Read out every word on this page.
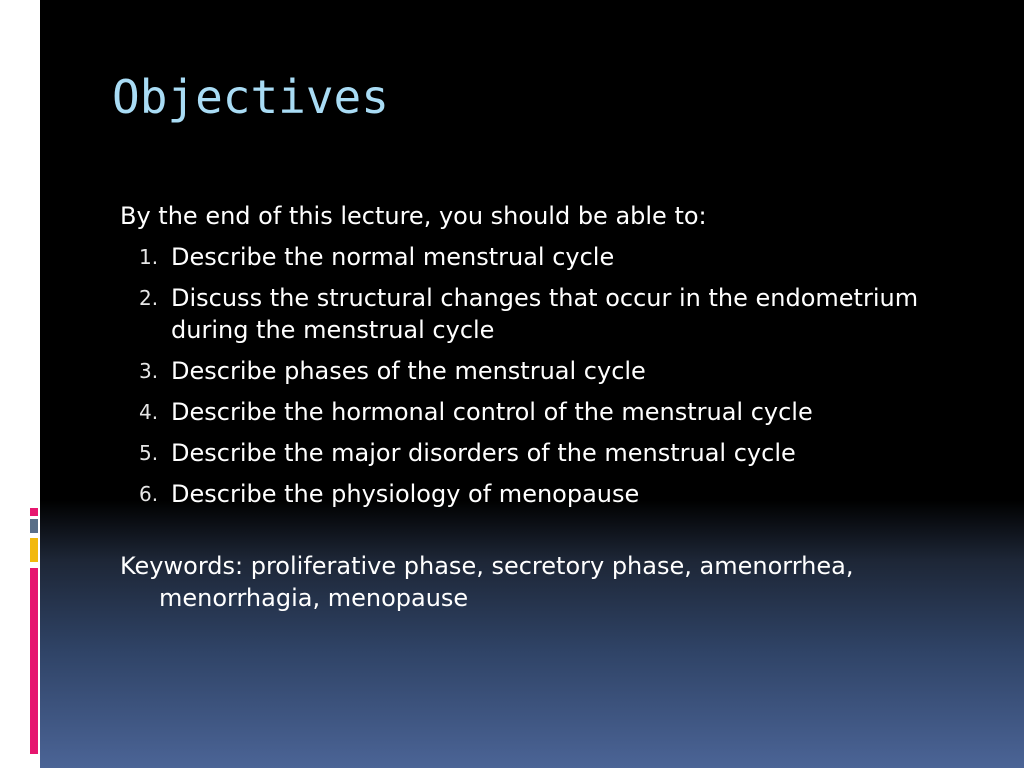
Objectives

By the end of this lecture, you should be able to:

1. Describe the normal menstrual cycle
2. Discuss the structural changes that occur in the endometrium during the menstrual cycle
3. Describe phases of the menstrual cycle
4. Describe the hormonal control of the menstrual cycle
5. Describe the major disorders of the menstrual cycle
6. Describe the physiology of menopause

Keywords: proliferative phase, secretory phase, amenorrhea, menorrhagia, menopause
